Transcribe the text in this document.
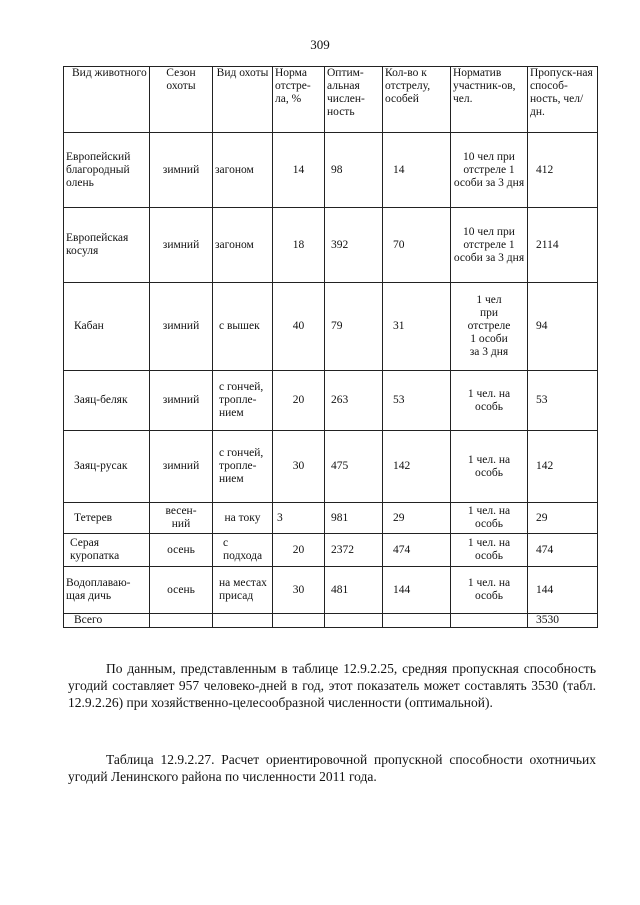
309
Вид животного	Сезон охоты	Вид охоты	Норма отстре-ла, %	Оптим-альная числен-ность	Кол-во к отстрелу, особей	Норматив участник-ов, чел.	Пропуск-ная способ-ность, чел/дн.
Европейский благородный олень	зимний	загоном	14	98	14	10 чел при отстреле 1 особи за 3 дня	412
Европейская косуля	зимний	загоном	18	392	70	10 чел при отстреле 1 особи за 3 дня	2114
Кабан	зимний	с вышек	40	79	31	1 чел при отстреле 1 особи за 3 дня	94
Заяц-беляк	зимний	с гончей, тропле-нием	20	263	53	1 чел. на особь	53
Заяц-русак	зимний	с гончей, тропле-нием	30	475	142	1 чел. на особь	142
Тетерев	весен-ний	на току	3	981	29	1 чел. на особь	29
Серая куропатка	осень	с подхода	20	2372	474	1 чел. на особь	474
Водоплаваю-щая дичь	осень	на местах присад	30	481	144	1 чел. на особь	144
Всего							3530
По данным, представленным в таблице 12.9.2.25, средняя пропускная способность угодий составляет 957 человеко-дней в год, этот показатель может составлять 3530 (табл. 12.9.2.26) при хозяйственно-целесообразной численности (оптимальной).
Таблица 12.9.2.27. Расчет ориентировочной пропускной способности охотничьих угодий Ленинского района по численности 2011 года.
